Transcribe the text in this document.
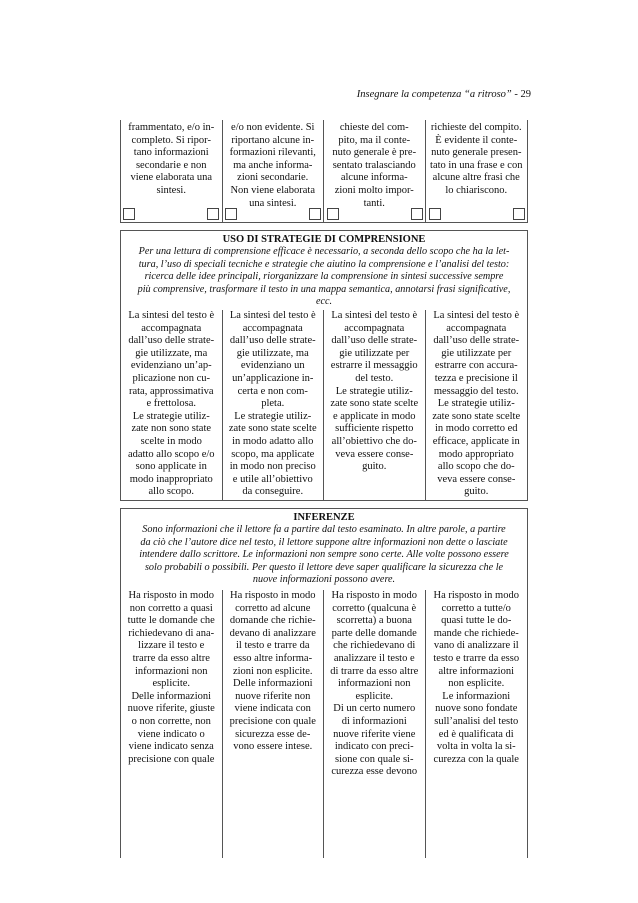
Insegnare la competenza “a ritroso” - 29
frammentato, e/o in-
completo. Si ripor-
tano informazioni
secondarie e non
viene elaborata una
sintesi.
e/o non evidente. Si
riportano alcune in-
formazioni rilevanti,
ma anche informa-
zioni secondarie.
Non viene elaborata
una sintesi.
chieste del com-
pito, ma il conte-
nuto generale è pre-
sentato tralasciando
alcune informa-
zioni molto impor-
tanti.
richieste del compito.
È evidente il conte-
nuto generale presen-
tato in una frase e con
alcune altre frasi che
lo chiariscono.
USO DI STRATEGIE DI COMPRENSIONE
Per una lettura di comprensione efficace è necessario, a seconda dello scopo che ha la let-
tura, l’uso di speciali tecniche e strategie che aiutino la comprensione e l’analisi del testo:
ricerca delle idee principali, riorganizzare la comprensione in sintesi successive sempre
più comprensive, trasformare il testo in una mappa semantica, annotarsi frasi significative,
ecc.
La sintesi del testo è
accompagnata
dall’uso delle strate-
gie utilizzate, ma
evidenziano un’ap-
plicazione non cu-
rata, approssimativa
e frettolosa.
Le strategie utiliz-
zate non sono state
scelte in modo
adatto allo scopo e/o
sono applicate in
modo inappropriato
allo scopo.
La sintesi del testo è
accompagnata
dall’uso delle strate-
gie utilizzate, ma
evidenziano un
un’applicazione in-
certa e non com-
pleta.
Le strategie utiliz-
zate sono state scelte
in modo adatto allo
scopo, ma applicate
in modo non preciso
e utile all’obiettivo
da conseguire.
La sintesi del testo è
accompagnata
dall’uso delle strate-
gie utilizzate per
estrarre il messaggio
del testo.
Le strategie utiliz-
zate sono state scelte
e applicate in modo
sufficiente rispetto
all’obiettivo che do-
veva essere conse-
guito.
La sintesi del testo è
accompagnata
dall’uso delle strate-
gie utilizzate per
estrarre con accura-
tezza e precisione il
messaggio del testo.
Le strategie utiliz-
zate sono state scelte
in modo corretto ed
efficace, applicate in
modo appropriato
allo scopo che do-
veva essere conse-
guito.
INFERENZE
Sono informazioni che il lettore fa a partire dal testo esaminato. In altre parole, a partire
da ciò che l’autore dice nel testo, il lettore suppone altre informazioni non dette o lasciate
intendere dallo scrittore. Le informazioni non sempre sono certe. Alle volte possono essere
solo probabili o possibili. Per questo il lettore deve saper qualificare la sicurezza che le
nuove informazioni possono avere.
Ha risposto in modo
non corretto a quasi
tutte le domande che
richiedevano di ana-
lizzare il testo e
trarre da esso altre
informazioni non
esplicite.
Delle informazioni
nuove riferite, giuste
o non corrette, non
viene indicato o
viene indicato senza
precisione con quale
Ha risposto in modo
corretto ad alcune
domande che richie-
devano di analizzare
il testo e trarre da
esso altre informa-
zioni non esplicite.
Delle informazioni
nuove riferite non
viene indicata con
precisione con quale
sicurezza esse de-
vono essere intese.
Ha risposto in modo
corretto (qualcuna è
scorretta) a buona
parte delle domande
che richiedevano di
analizzare il testo e
di trarre da esso altre
informazioni non
esplicite.
Di un certo numero
di informazioni
nuove riferite viene
indicato con preci-
sione con quale si-
curezza esse devono
Ha risposto in modo
corretto a tutte/o
quasi tutte le do-
mande che richiede-
vano di analizzare il
testo e trarre da esso
altre informazioni
non esplicite.
Le informazioni
nuove sono fondate
sull’analisi del testo
ed è qualificata di
volta in volta la si-
curezza con la quale
